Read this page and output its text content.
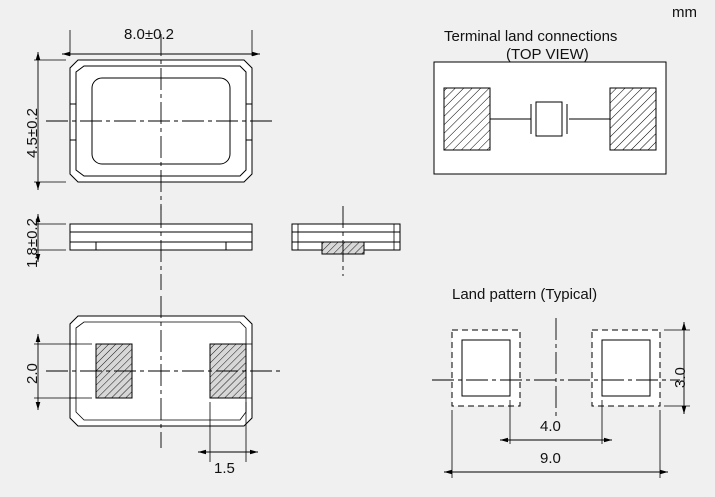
mm
8.0±0.2
4.5±0.2
1.8±0.2
2.0
1.5
Terminal land connections
(TOP VIEW)
Land pattern (Typical)
4.0
9.0
3.0
